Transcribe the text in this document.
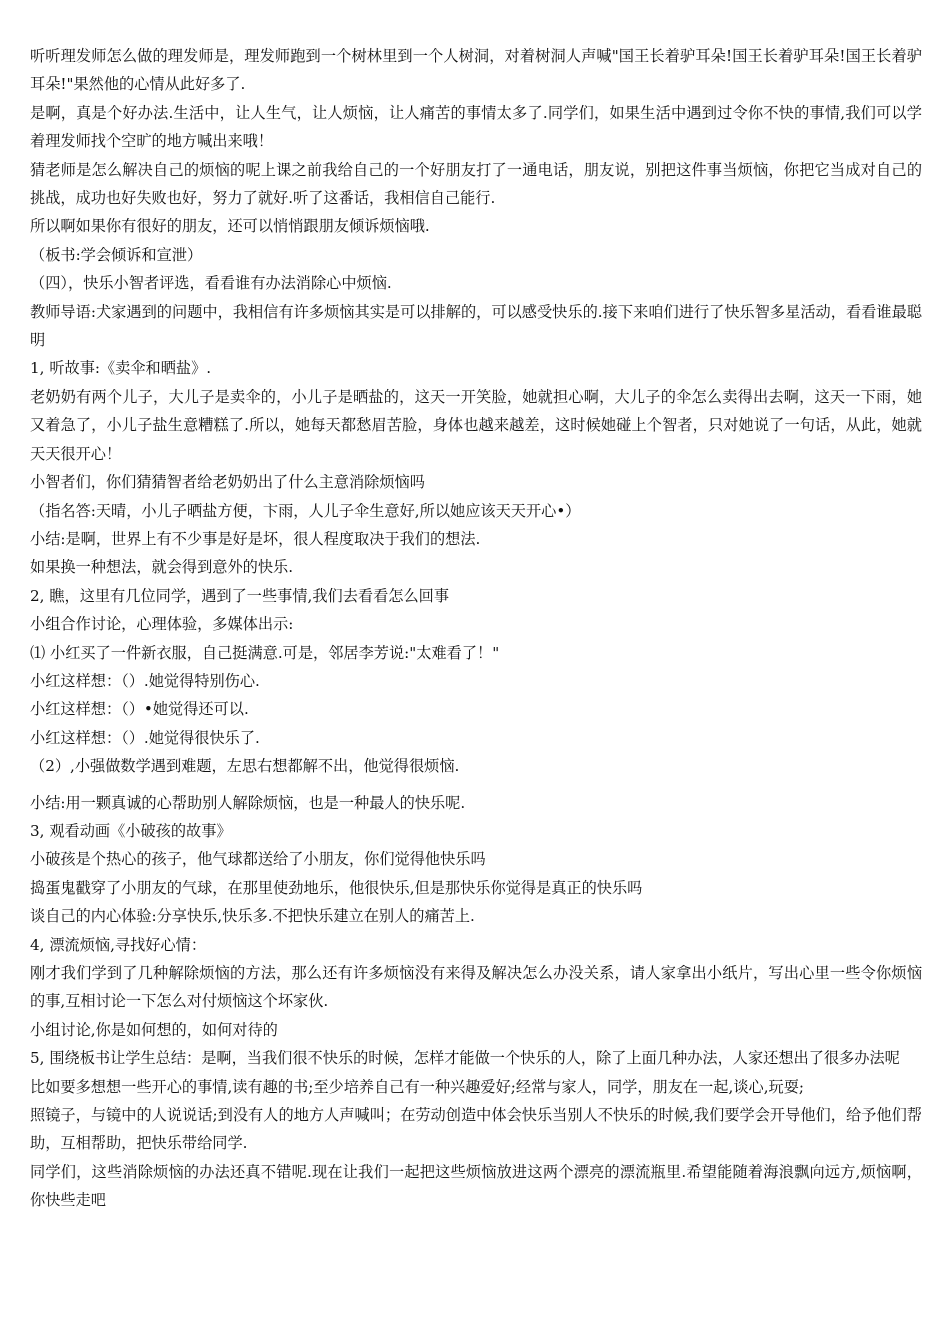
听听理发师怎么做的理发师是，理发师跑到一个树林里到一个人树洞，对着树洞人声喊"国王长着驴耳朵!国王长着驴耳朵!国王长着驴耳朵!"果然他的心情从此好多了.

是啊，真是个好办法.生活中，让人生气，让人烦恼，让人痛苦的事情太多了.同学们，如果生活中遇到过令你不快的事情,我们可以学着理发师找个空旷的地方喊出来哦！

猜老师是怎么解决自己的烦恼的呢上课之前我给自己的一个好朋友打了一通电话，朋友说，别把这件事当烦恼，你把它当成对自己的挑战，成功也好失败也好，努力了就好.听了这番话，我相信自己能行.

所以啊如果你有很好的朋友，还可以悄悄跟朋友倾诉烦恼哦.

（板书:学会倾诉和宣泄）

（四），快乐小智者评选，看看谁有办法消除心中烦恼.

教师导语:犬家遇到的问题中，我相信有许多烦恼其实是可以排解的，可以感受快乐的.接下来咱们进行了快乐智多星活动，看看谁最聪明

1, 听故事:《卖伞和晒盐》.

老奶奶有两个儿子，大儿子是卖伞的，小儿子是晒盐的，这天一开笑脸，她就担心啊，大儿子的伞怎么卖得出去啊，这天一下雨，她又着急了，小儿子盐生意糟糕了.所以，她每天都愁眉苦脸，身体也越来越差，这时候她碰上个智者，只对她说了一句话，从此，她就天天很开心！

小智者们，你们猜猜智者给老奶奶出了什么主意消除烦恼吗

（指名答:天晴，小儿子晒盐方便，卞雨，人儿子伞生意好,所以她应该天天开心•）

小结:是啊，世界上有不少事是好是坏，很人程度取决于我们的想法.

如果换一种想法，就会得到意外的快乐.

2, 瞧，这里有几位同学，遇到了一些事情,我们去看看怎么回事

小组合作讨论，心理体验，多媒体出示:

⑴ 小红买了一件新衣服，自己挺满意.可是，邻居李芳说:"太难看了！"

小红这样想：（）.她觉得特别伤心.

小红这样想：（）•她觉得还可以.

小红这样想：（）.她觉得很快乐了.

（2）,小强做数学遇到难题，左思右想都解不出，他觉得很烦恼.

小结:用一颗真诚的心帮助别人解除烦恼，也是一种最人的快乐呢.

3, 观看动画《小破孩的故事》

小破孩是个热心的孩子，他气球都送给了小朋友，你们觉得他快乐吗

捣蛋鬼戳穿了小朋友的气球，在那里使劲地乐，他很快乐,但是那快乐你觉得是真正的快乐吗

谈自己的内心体验:分享快乐,快乐多.不把快乐建立在别人的痛苦上.

4, 漂流烦恼,寻找好心情：

刚才我们学到了几种解除烦恼的方法，那么还有许多烦恼没有来得及解决怎么办没关系，请人家拿出小纸片，写出心里一些令你烦恼的事,互相讨论一下怎么对付烦恼这个坏家伙.

小组讨论,你是如何想的，如何对待的

5, 围绕板书让学生总结：是啊，当我们很不快乐的时候，怎样才能做一个快乐的人，除了上面几种办法，人家还想出了很多办法呢

比如要多想想一些开心的事情,读有趣的书;至少培养自己有一种兴趣爱好;经常与家人，同学，朋友在一起,谈心,玩耍;

照镜子，与镜中的人说说话;到没有人的地方人声喊叫；在劳动创造中体会快乐当别人不快乐的时候,我们要学会开导他们，给予他们帮助，互相帮助，把快乐带给同学.

同学们，这些消除烦恼的办法还真不错呢.现在让我们一起把这些烦恼放进这两个漂亮的漂流瓶里.希望能随着海浪飘向远方,烦恼啊，你快些走吧
